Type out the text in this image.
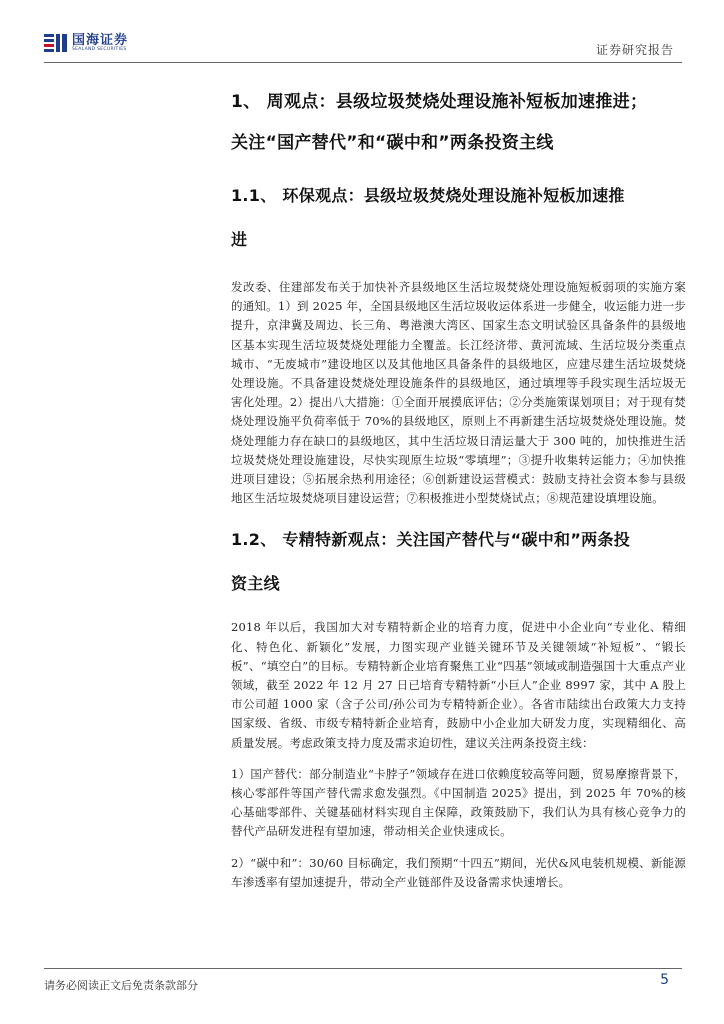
国海证券
SEALAND SECURITIES	证券研究报告
1、 周观点：县级垃圾焚烧处理设施补短板加速推进；
关注“国产替代”和“碳中和”两条投资主线
1.1、 环保观点：县级垃圾焚烧处理设施补短板加速推
进

发改委、住建部发布关于加快补齐县级地区生活垃圾焚烧处理设施短板弱项的实施方案的通知。1）到 2025 年，全国县级地区生活垃圾收运体系进一步健全，收运能力进一步提升，京津冀及周边、长三角、粤港澳大湾区、国家生态文明试验区具备条件的县级地区基本实现生活垃圾焚烧处理能力全覆盖。长江经济带、黄河流域、生活垃圾分类重点城市、“无废城市”建设地区以及其他地区具备条件的县级地区，应建尽建生活垃圾焚烧处理设施。不具备建设焚烧处理设施条件的县级地区，通过填埋等手段实现生活垃圾无害化处理。2）提出八大措施：①全面开展摸底评估；②分类施策谋划项目；对于现有焚烧处理设施平负荷率低于 70%的县级地区，原则上不再新建生活垃圾焚烧处理设施。焚烧处理能力存在缺口的县级地区，其中生活垃圾日清运量大于 300 吨的，加快推进生活垃圾焚烧处理设施建设，尽快实现原生垃圾“零填埋”；③提升收集转运能力；④加快推进项目建设；⑤拓展余热利用途径；⑥创新建设运营模式：鼓励支持社会资本参与县级地区生活垃圾焚烧项目建设运营；⑦积极推进小型焚烧试点；⑧规范建设填埋设施。

1.2、 专精特新观点：关注国产替代与“碳中和”两条投
资主线

2018 年以后，我国加大对专精特新企业的培育力度，促进中小企业向“专业化、精细化、特色化、新颖化”发展，力图实现产业链关键环节及关键领域“补短板”、“锻长板”、“填空白”的目标。专精特新企业培育聚焦工业“四基”领域或制造强国十大重点产业领域，截至 2022 年 12 月 27 日已培育专精特新“小巨人”企业 8997 家，其中 A 股上市公司超 1000 家（含子公司/孙公司为专精特新企业）。各省市陆续出台政策大力支持国家级、省级、市级专精特新企业培育，鼓励中小企业加大研发力度，实现精细化、高质量发展。考虑政策支持力度及需求迫切性，建议关注两条投资主线：

1）国产替代：部分制造业“卡脖子”领域存在进口依赖度较高等问题，贸易摩擦背景下，核心零部件等国产替代需求愈发强烈。《中国制造 2025》提出，到 2025 年 70%的核心基础零部件、关键基础材料实现自主保障，政策鼓励下，我们认为具有核心竞争力的替代产品研发进程有望加速，带动相关企业快速成长。

2）“碳中和”：30/60 目标确定，我们预期“十四五”期间，光伏&风电装机规模、新能源车渗透率有望加速提升，带动全产业链部件及设备需求快速增长。

请务必阅读正文后免责条款部分	5
